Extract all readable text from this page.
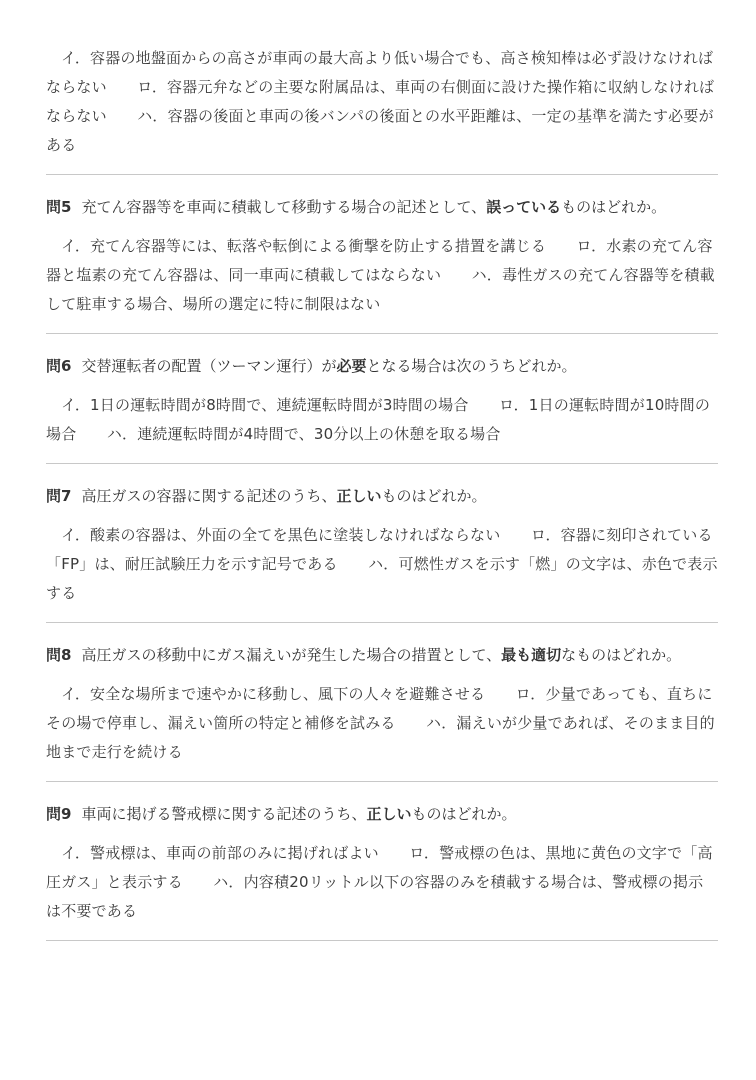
イ．容器の地盤面からの高さが車両の最大高より低い場合でも、高さ検知棒は必ず設けなければならない ロ．容器元弁などの主要な附属品は、車両の右側面に設けた操作箱に収納しなければならない ハ．容器の後面と車両の後バンパの後面との水平距離は、一定の基準を満たす必要がある

問5 充てん容器等を車両に積載して移動する場合の記述として、誤っているものはどれか。

イ．充てん容器等には、転落や転倒による衝撃を防止する措置を講じる ロ．水素の充てん容器と塩素の充てん容器は、同一車両に積載してはならない ハ．毒性ガスの充てん容器等を積載して駐車する場合、場所の選定に特に制限はない

問6 交替運転者の配置（ツーマン運行）が必要となる場合は次のうちどれか。

イ．1日の運転時間が8時間で、連続運転時間が3時間の場合 ロ．1日の運転時間が10時間の場合 ハ．連続運転時間が4時間で、30分以上の休憩を取る場合

問7 高圧ガスの容器に関する記述のうち、正しいものはどれか。

イ．酸素の容器は、外面の全てを黒色に塗装しなければならない ロ．容器に刻印されている「FP」は、耐圧試験圧力を示す記号である ハ．可燃性ガスを示す「燃」の文字は、赤色で表示する

問8 高圧ガスの移動中にガス漏えいが発生した場合の措置として、最も適切なものはどれか。

イ．安全な場所まで速やかに移動し、風下の人々を避難させる ロ．少量であっても、直ちにその場で停車し、漏えい箇所の特定と補修を試みる ハ．漏えいが少量であれば、そのまま目的地まで走行を続ける

問9 車両に掲げる警戒標に関する記述のうち、正しいものはどれか。

イ．警戒標は、車両の前部のみに掲げればよい ロ．警戒標の色は、黒地に黄色の文字で「高圧ガス」と表示する ハ．内容積20リットル以下の容器のみを積載する場合は、警戒標の掲示は不要である
